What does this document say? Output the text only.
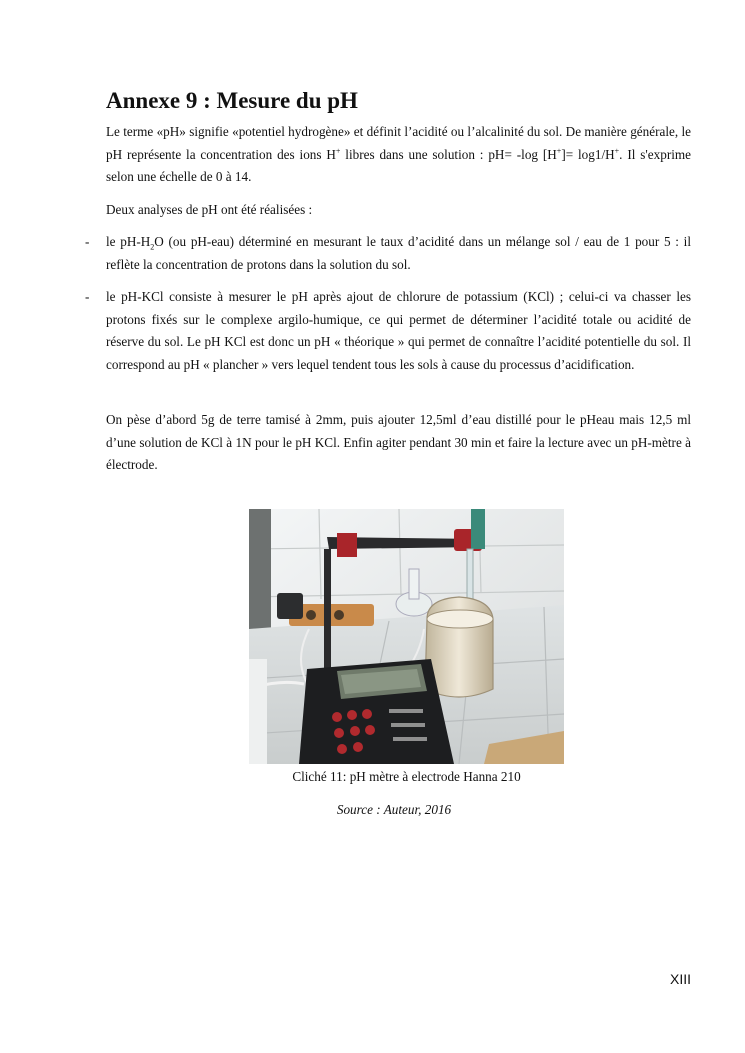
Annexe 9 : Mesure du pH

Le terme «pH» signifie «potentiel hydrogène» et définit l’acidité ou l’alcalinité du sol. De manière générale, le pH représente la concentration des ions H+ libres dans une solution : pH= -log [H+]= log1/H+. Il s'exprime selon une échelle de 0 à 14.

Deux analyses de pH ont été réalisées :

- le $pH-H_2O$ (ou pH-eau) déterminé en mesurant le taux d’acidité dans un mélange sol / eau de 1 pour 5 : il reflète la concentration de protons dans la solution du sol.

- le pH-KCl consiste à mesurer le pH après ajout de chlorure de potassium (KCl) ; celui-ci va chasser les protons fixés sur le complexe argilo-humique, ce qui permet de déterminer l’acidité totale ou acidité de réserve du sol. Le pH KCl est donc un pH « théorique » qui permet de connaître l’acidité potentielle du sol. Il correspond au pH « plancher » vers lequel tendent tous les sols à cause du processus d’acidification.

On pèse d’abord 5g de terre tamisé à 2mm, puis ajouter 12,5ml d’eau distillé pour le pHeau mais 12,5 ml d’une solution de KCl à 1N pour le pH KCl. Enfin agiter pendant 30 min et faire la lecture avec un pH-mètre à électrode.

Cliché 11: pH mètre à electrode Hanna 210

Source : Auteur, 2016

XIII
